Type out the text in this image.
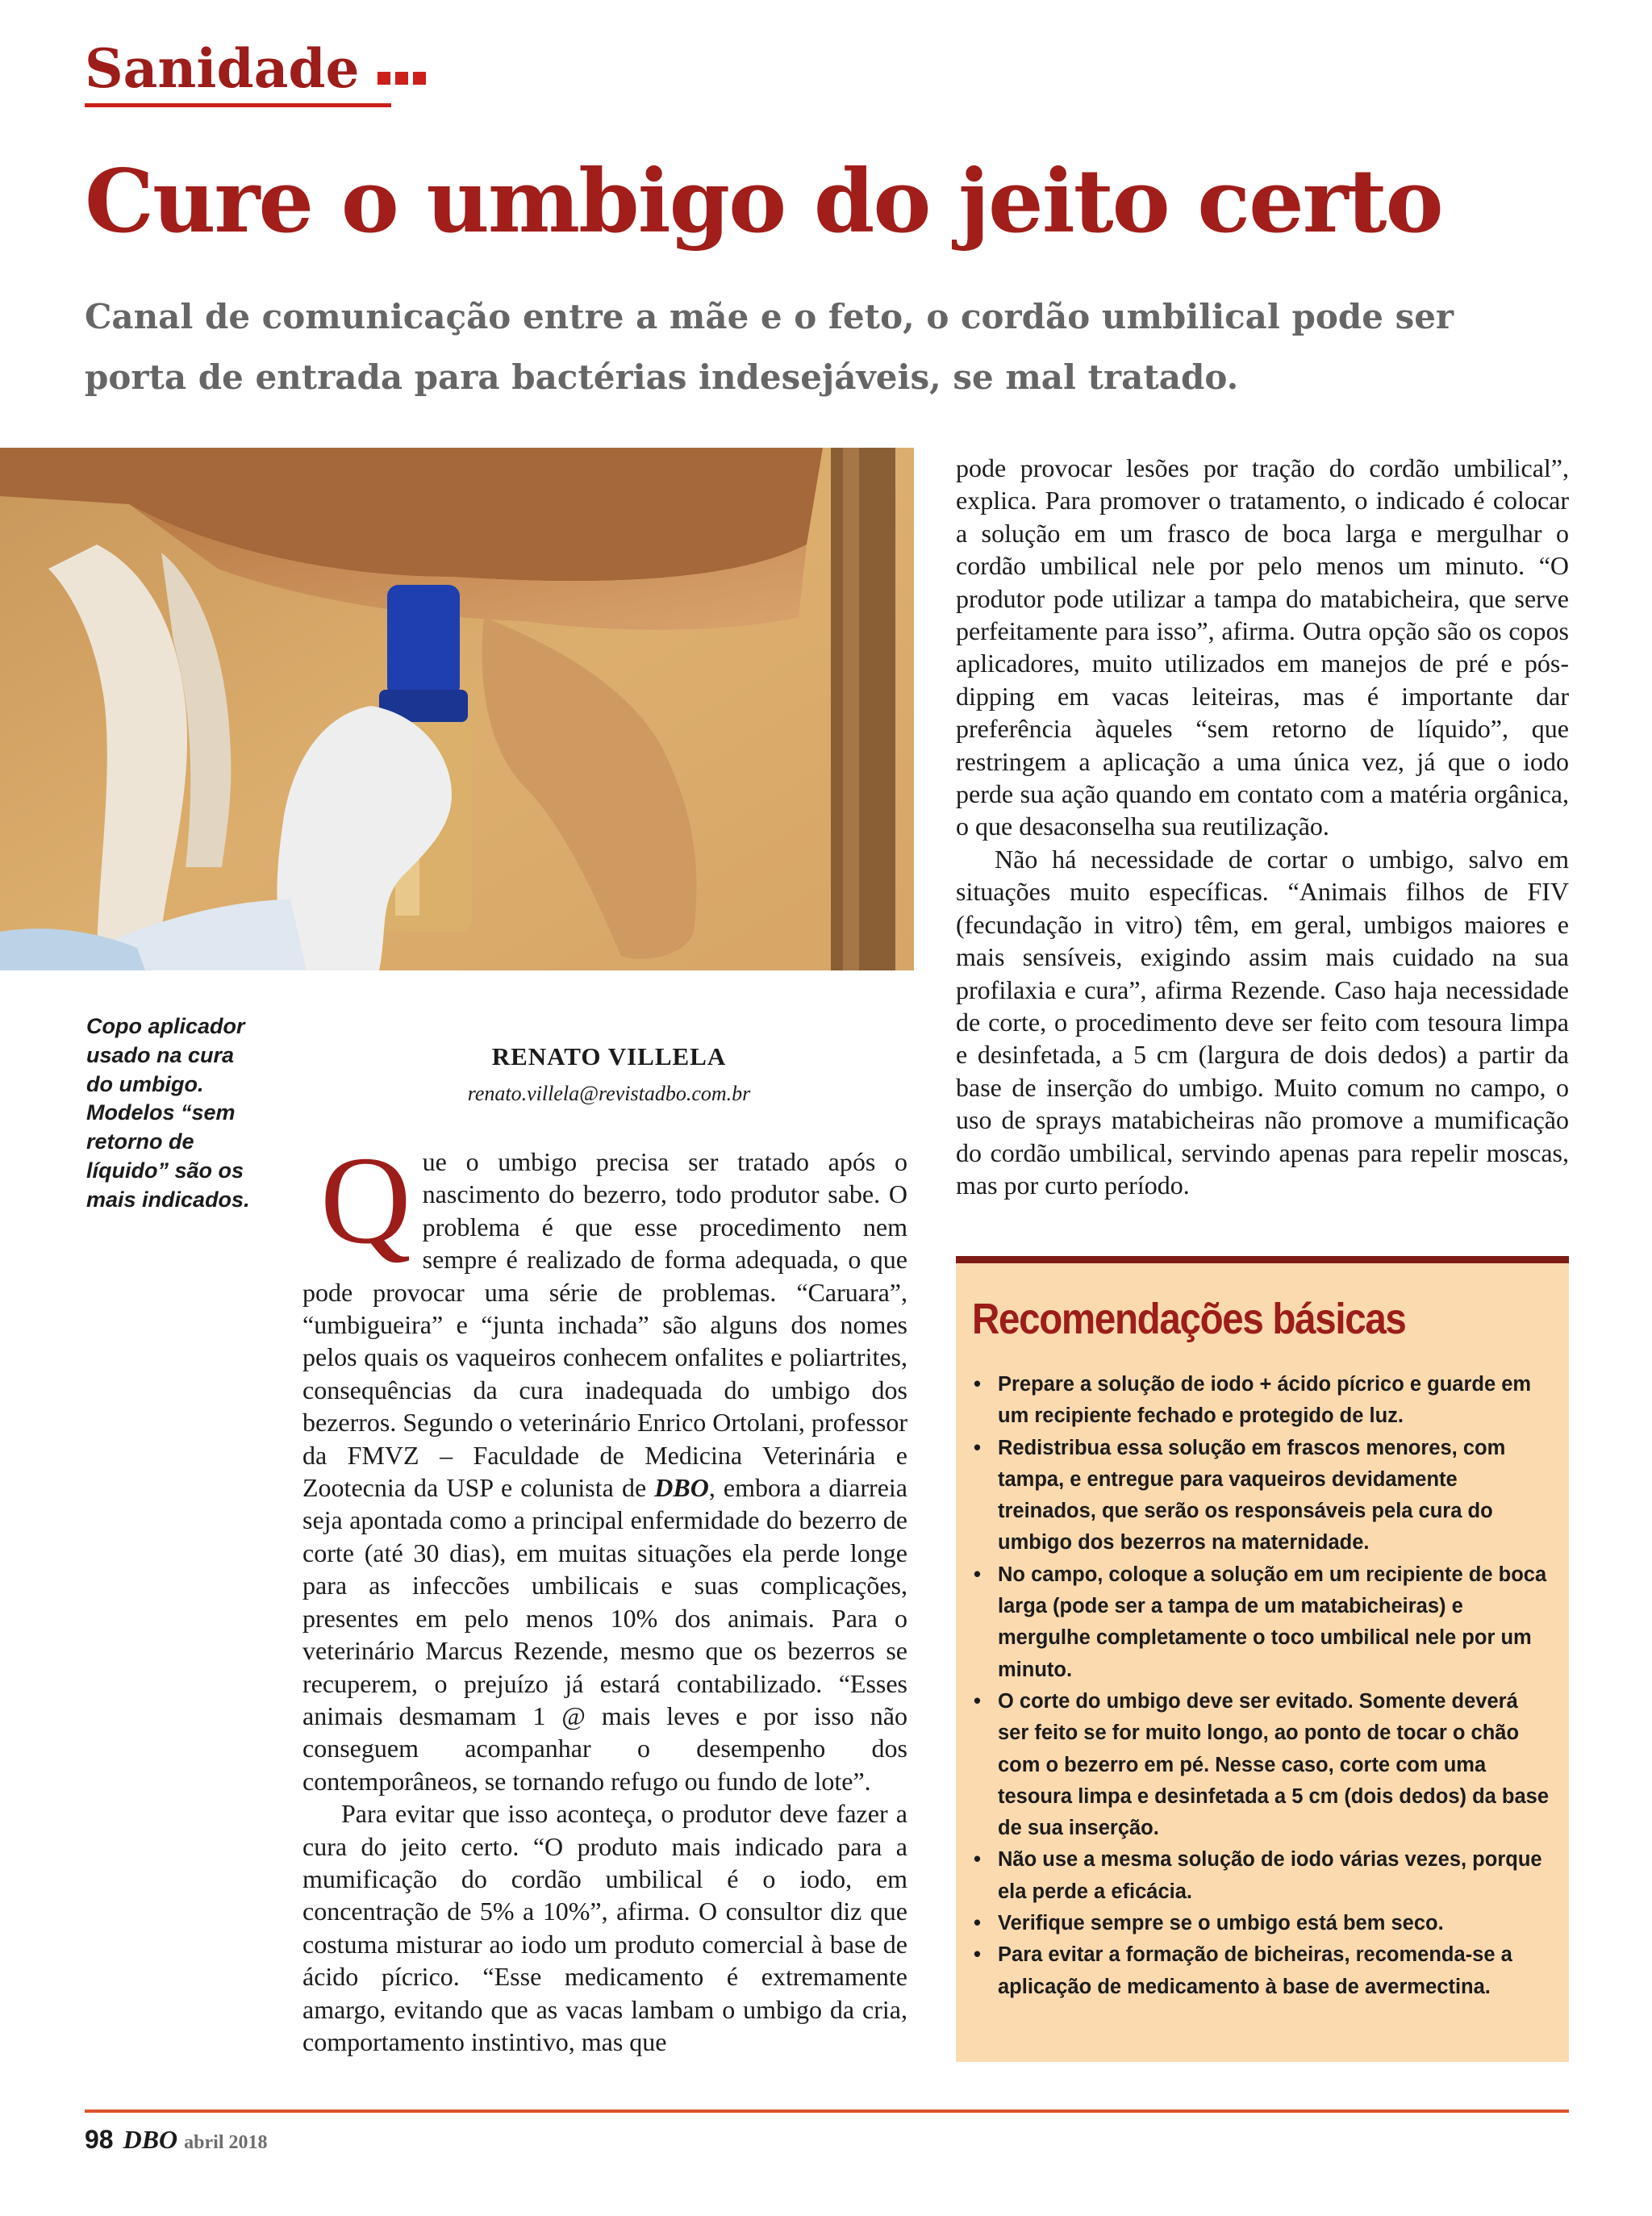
Sanidade
Cure o umbigo do jeito certo
Canal de comunicação entre a mãe e o feto, o cordão umbilical pode ser porta de entrada para bactérias indesejáveis, se mal tratado.
Copo aplicador usado na cura do umbigo. Modelos “sem retorno de líquido” são os mais indicados.
RENATO VILLELA
renato.villela@revistadbo.com.br

Que o umbigo precisa ser tratado após o nascimento do bezerro, todo produtor sabe. O problema é que esse procedimento nem sempre é realizado de forma adequada, o que pode provocar uma série de problemas. “Caruara”, “umbigueira” e “junta inchada” são alguns dos nomes pelos quais os vaqueiros conhecem onfalites e poliartrites, consequências da cura inadequada do umbigo dos bezerros. Segundo o veterinário Enrico Ortolani, professor da FMVZ – Faculdade de Medicina Veterinária e Zootecnia da USP e colunista de DBO, embora a diarreia seja apontada como a principal enfermidade do bezerro de corte (até 30 dias), em muitas situações ela perde longe para as infeccões umbilicais e suas complicações, presentes em pelo menos 10% dos animais. Para o veterinário Marcus Rezende, mesmo que os bezerros se recuperem, o prejuízo já estará contabilizado. “Esses animais desmamam 1 @ mais leves e por isso não conseguem acompanhar o desempenho dos contemporâneos, se tornando refugo ou fundo de lote”.

Para evitar que isso aconteça, o produtor deve fazer a cura do jeito certo. “O produto mais indicado para a mumificação do cordão umbilical é o iodo, em concentração de 5% a 10%”, afirma. O consultor diz que costuma misturar ao iodo um produto comercial à base de ácido pícrico. “Esse medicamento é extremamente amargo, evitando que as vacas lambam o umbigo da cria, comportamento instintivo, mas que

pode provocar lesões por tração do cordão umbilical”, explica. Para promover o tratamento, o indicado é colocar a solução em um frasco de boca larga e mergulhar o cordão umbilical nele por pelo menos um minuto. “O produtor pode utilizar a tampa do matabicheira, que serve perfeitamente para isso”, afirma. Outra opção são os copos aplicadores, muito utilizados em manejos de pré e pós-dipping em vacas leiteiras, mas é importante dar preferência àqueles “sem retorno de líquido”, que restringem a aplicação a uma única vez, já que o iodo perde sua ação quando em contato com a matéria orgânica, o que desaconselha sua reutilização.

Não há necessidade de cortar o umbigo, salvo em situações muito específicas. “Animais filhos de FIV (fecundação in vitro) têm, em geral, umbigos maiores e mais sensíveis, exigindo assim mais cuidado na sua profilaxia e cura”, afirma Rezende. Caso haja necessidade de corte, o procedimento deve ser feito com tesoura limpa e desinfetada, a 5 cm (largura de dois dedos) a partir da base de inserção do umbigo. Muito comum no campo, o uso de sprays matabicheiras não promove a mumificação do cordão umbilical, servindo apenas para repelir moscas, mas por curto período.

Recomendações básicas
• Prepare a solução de iodo + ácido pícrico e guarde em um recipiente fechado e protegido de luz.
• Redistribua essa solução em frascos menores, com tampa, e entregue para vaqueiros devidamente treinados, que serão os responsáveis pela cura do umbigo dos bezerros na maternidade.
• No campo, coloque a solução em um recipiente de boca larga (pode ser a tampa de um matabicheiras) e mergulhe completamente o toco umbilical nele por um minuto.
• O corte do umbigo deve ser evitado. Somente deverá ser feito se for muito longo, ao ponto de tocar o chão com o bezerro em pé. Nesse caso, corte com uma tesoura limpa e desinfetada a 5 cm (dois dedos) da base de sua inserção.
• Não use a mesma solução de iodo várias vezes, porque ela perde a eficácia.
• Verifique sempre se o umbigo está bem seco.
• Para evitar a formação de bicheiras, recomenda-se a aplicação de medicamento à base de avermectina.
98 DBO abril 2018
